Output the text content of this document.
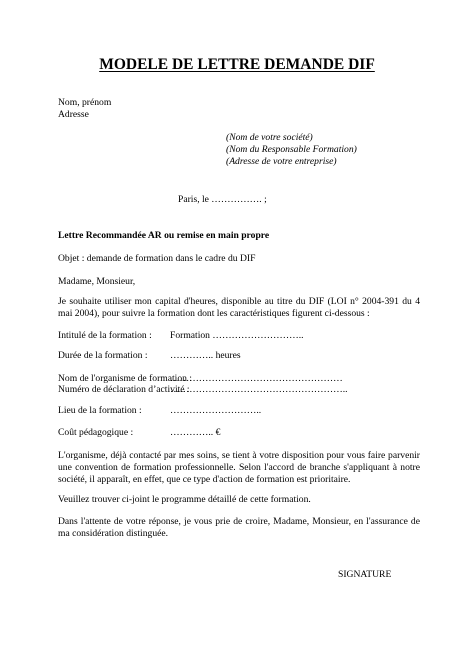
MODELE DE LETTRE DEMANDE DIF
Nom, prénom
Adresse
(Nom de votre société)
(Nom du Responsable Formation)
(Adresse de votre entreprise)
Paris, le ……………. ;
Lettre Recommandée AR ou remise en main propre
Objet : demande de formation dans le cadre du DIF
Madame, Monsieur,
Je souhaite utiliser mon capital d'heures, disponible au titre du DIF (LOI n° 2004-391 du 4 mai 2004), pour suivre la formation dont les caractéristiques figurent ci-dessous :
Intitulé de la formation : Formation ………………………..
Durée de la formation : ………….. heures
Nom de l'organisme de formation :
………………………………………………
Numéro de déclaration d’activité :
………………………………………………..
Lieu de la formation :	………………………..
Coût pédagogique :	………….. €
L'organisme, déjà contacté par mes soins, se tient à votre disposition pour vous faire parvenir une convention de formation professionnelle. Selon l'accord de branche s'appliquant à notre société, il apparaît, en effet, que ce type d'action de formation est prioritaire.
Veuillez trouver ci-joint le programme détaillé de cette formation.
Dans l'attente de votre réponse, je vous prie de croire, Madame, Monsieur, en l'assurance de ma considération distinguée.
SIGNATURE
